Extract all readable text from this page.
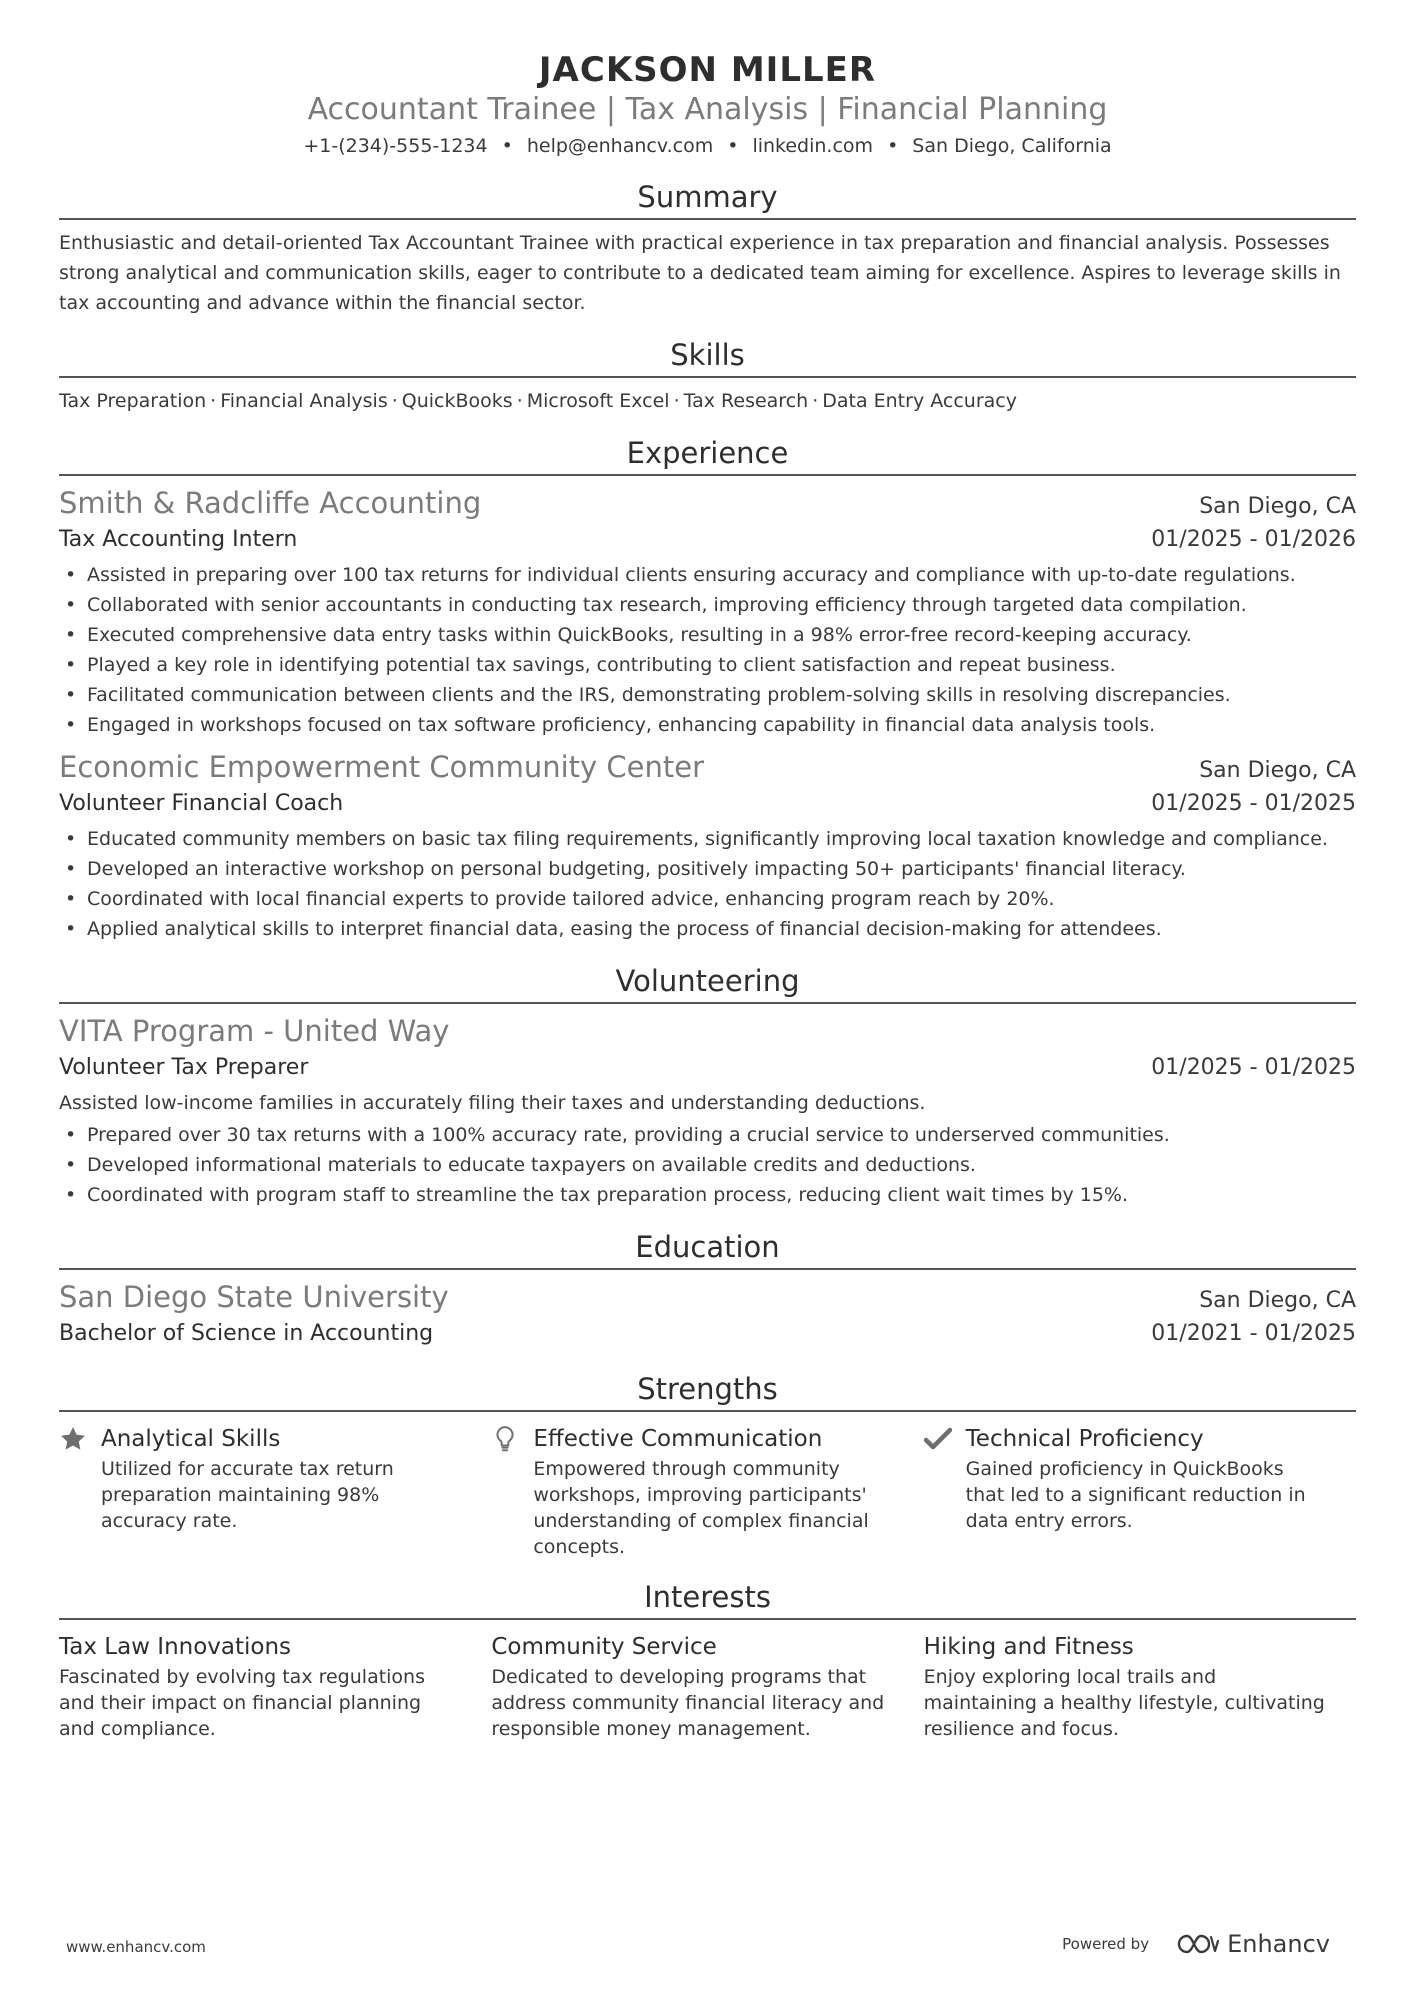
JACKSON MILLER
Accountant Trainee | Tax Analysis | Financial Planning
+1-(234)-555-1234 • help@enhancv.com • linkedin.com • San Diego, California
Summary
Enthusiastic and detail-oriented Tax Accountant Trainee with practical experience in tax preparation and financial analysis. Possesses strong analytical and communication skills, eager to contribute to a dedicated team aiming for excellence. Aspires to leverage skills in tax accounting and advance within the financial sector.
Skills
Tax Preparation · Financial Analysis · QuickBooks · Microsoft Excel · Tax Research · Data Entry Accuracy
Experience
Smith & Radcliffe Accounting	San Diego, CA
Tax Accounting Intern	01/2025 - 01/2026
• Assisted in preparing over 100 tax returns for individual clients ensuring accuracy and compliance with up-to-date regulations.
• Collaborated with senior accountants in conducting tax research, improving efficiency through targeted data compilation.
• Executed comprehensive data entry tasks within QuickBooks, resulting in a 98% error-free record-keeping accuracy.
• Played a key role in identifying potential tax savings, contributing to client satisfaction and repeat business.
• Facilitated communication between clients and the IRS, demonstrating problem-solving skills in resolving discrepancies.
• Engaged in workshops focused on tax software proficiency, enhancing capability in financial data analysis tools.
Economic Empowerment Community Center	San Diego, CA
Volunteer Financial Coach	01/2025 - 01/2025
• Educated community members on basic tax filing requirements, significantly improving local taxation knowledge and compliance.
• Developed an interactive workshop on personal budgeting, positively impacting 50+ participants' financial literacy.
• Coordinated with local financial experts to provide tailored advice, enhancing program reach by 20%.
• Applied analytical skills to interpret financial data, easing the process of financial decision-making for attendees.
Volunteering
VITA Program - United Way
Volunteer Tax Preparer	01/2025 - 01/2025
Assisted low-income families in accurately filing their taxes and understanding deductions.
• Prepared over 30 tax returns with a 100% accuracy rate, providing a crucial service to underserved communities.
• Developed informational materials to educate taxpayers on available credits and deductions.
• Coordinated with program staff to streamline the tax preparation process, reducing client wait times by 15%.
Education
San Diego State University	San Diego, CA
Bachelor of Science in Accounting	01/2021 - 01/2025
Strengths
Analytical Skills
Utilized for accurate tax return preparation maintaining 98% accuracy rate.
Effective Communication
Empowered through community workshops, improving participants' understanding of complex financial concepts.
Technical Proficiency
Gained proficiency in QuickBooks that led to a significant reduction in data entry errors.
Interests
Tax Law Innovations
Fascinated by evolving tax regulations and their impact on financial planning and compliance.
Community Service
Dedicated to developing programs that address community financial literacy and responsible money management.
Hiking and Fitness
Enjoy exploring local trails and maintaining a healthy lifestyle, cultivating resilience and focus.
www.enhancv.com	Powered by	Enhancv
